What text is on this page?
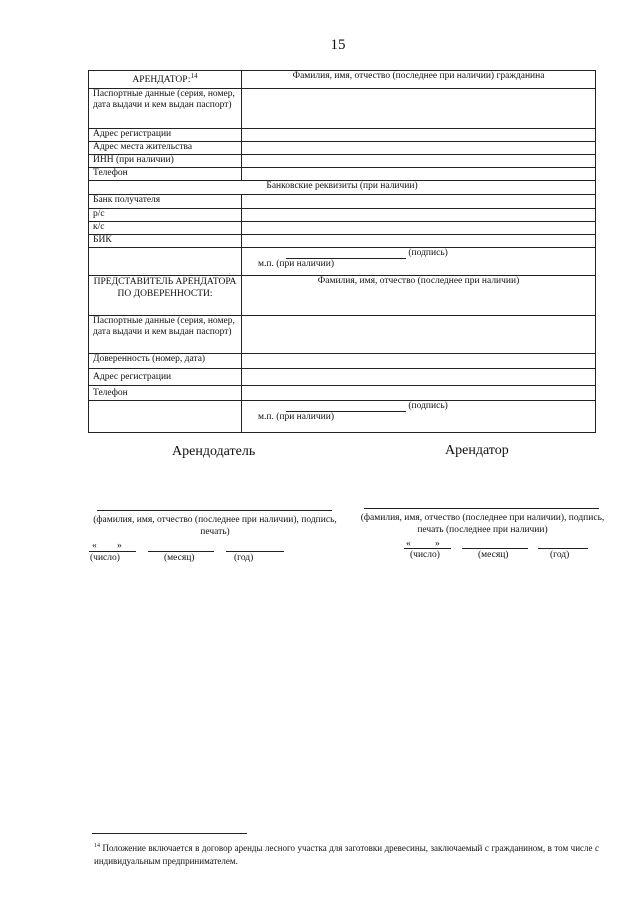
15
АРЕНДАТОР:$^{14}$	Фамилия, имя, отчество (последнее при наличии) гражданина
Паспортные данные (серия, номер, дата выдачи и кем выдан паспорт)	
Адрес регистрации	
Адрес места жительства	
ИНН (при наличии)	
Телефон	
Банковские реквизиты (при наличии)	
Банк получателя	
р/с	
к/с	
БИК	

	(подпись)
м.п. (при наличии)

ПРЕДСТАВИТЕЛЬ АРЕНДАТОРА ПО ДОВЕРЕННОСТИ:	Фамилия, имя, отчество (последнее при наличии)
Паспортные данные (серия, номер, дата выдачи и кем выдан паспорт)	
Доверенность (номер, дата)	
Адрес регистрации	
Телефон	

	(подпись)
м.п. (при наличии)
Арендодатель
(фамилия, имя, отчество (последнее при наличии), подпись, печать)
« »
(число)	(месяц)	(год)
Арендатор
(фамилия, имя, отчество (последнее при наличии), подпись, печать (последнее при наличии)
«	»
(число)	(месяц)	(год)
$^{14}$ Положение включается в договор аренды лесного участка для заготовки древесины, заключаемый с гражданином, в том числе с индивидуальным предпринимателем.
